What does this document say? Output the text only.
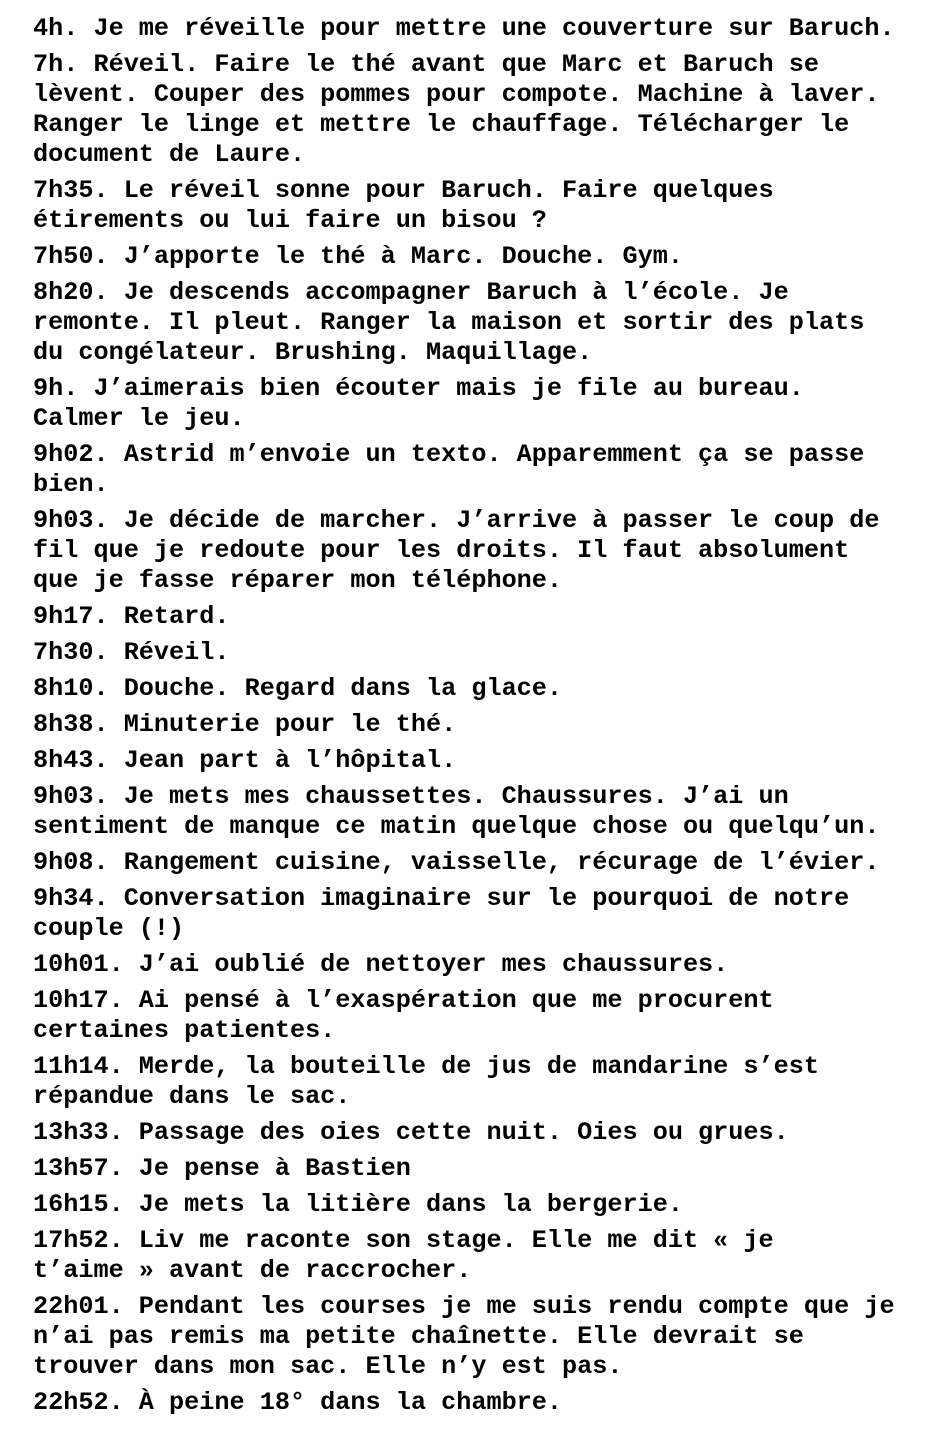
4h. Je me réveille pour mettre une couverture sur Baruch.

7h. Réveil. Faire le thé avant que Marc et Baruch se
lèvent. Couper des pommes pour compote. Machine à laver.
Ranger le linge et mettre le chauffage. Télécharger le
document de Laure.

7h35. Le réveil sonne pour Baruch. Faire quelques
étirements ou lui faire un bisou ?

7h50. J’apporte le thé à Marc. Douche. Gym.

8h20. Je descends accompagner Baruch à l’école. Je
remonte. Il pleut. Ranger la maison et sortir des plats
du congélateur. Brushing. Maquillage.

9h. J’aimerais bien écouter mais je file au bureau.
Calmer le jeu.

9h02. Astrid m’envoie un texto. Apparemment ça se passe
bien.

9h03. Je décide de marcher. J’arrive à passer le coup de
fil que je redoute pour les droits. Il faut absolument
que je fasse réparer mon téléphone.

9h17. Retard.

7h30. Réveil.

8h10. Douche. Regard dans la glace.

8h38. Minuterie pour le thé.

8h43. Jean part à l’hôpital.

9h03. Je mets mes chaussettes. Chaussures. J’ai un
sentiment de manque ce matin quelque chose ou quelqu’un.

9h08. Rangement cuisine, vaisselle, récurage de l’évier.

9h34. Conversation imaginaire sur le pourquoi de notre
couple (!)

10h01. J’ai oublié de nettoyer mes chaussures.

10h17. Ai pensé à l’exaspération que me procurent
certaines patientes.

11h14. Merde, la bouteille de jus de mandarine s’est
répandue dans le sac.

13h33. Passage des oies cette nuit. Oies ou grues.

13h57. Je pense à Bastien

16h15. Je mets la litière dans la bergerie.

17h52. Liv me raconte son stage. Elle me dit « je
t’aime » avant de raccrocher.

22h01. Pendant les courses je me suis rendu compte que je
n’ai pas remis ma petite chaînette. Elle devrait se
trouver dans mon sac. Elle n’y est pas.

22h52. À peine 18° dans la chambre.
